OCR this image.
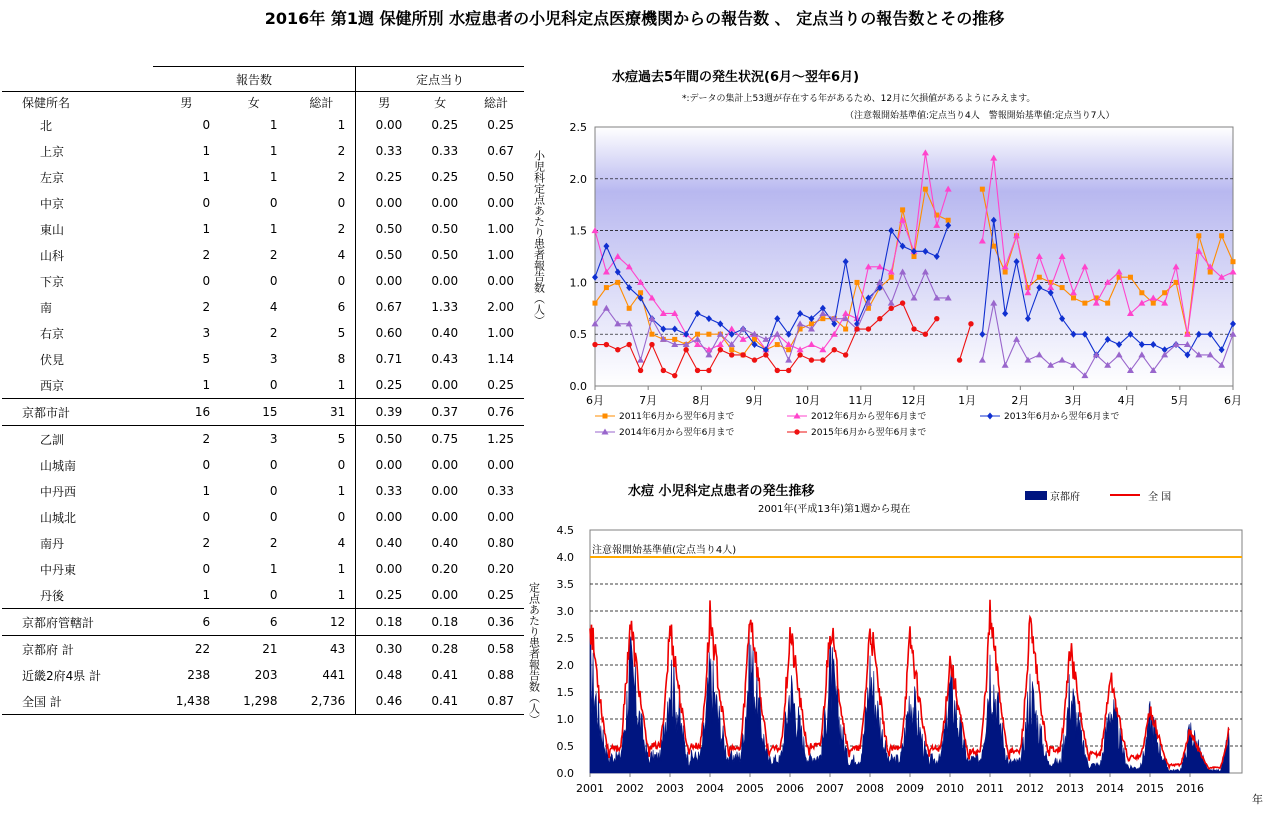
2016年 第1週 保健所別 水痘患者の小児科定点医療機関からの報告数 、 定点当りの報告数とその推移
	報告数			定点当り		
保健所名	男	女	総計	男	女	総計
北	0	1	1	0.00	0.25	0.25
上京	1	1	2	0.33	0.33	0.67
左京	1	1	2	0.25	0.25	0.50
中京	0	0	0	0.00	0.00	0.00
東山	1	1	2	0.50	0.50	1.00
山科	2	2	4	0.50	0.50	1.00
下京	0	0	0	0.00	0.00	0.00
南	2	4	6	0.67	1.33	2.00
右京	3	2	5	0.60	0.40	1.00
伏見	5	3	8	0.71	0.43	1.14
西京	1	0	1	0.25	0.00	0.25
京都市計	16	15	31	0.39	0.37	0.76
乙訓	2	3	5	0.50	0.75	1.25
山城南	0	0	0	0.00	0.00	0.00
中丹西	1	0	1	0.33	0.00	0.33
山城北	0	0	0	0.00	0.00	0.00
南丹	2	2	4	0.40	0.40	0.80
中丹東	0	1	1	0.00	0.20	0.20
丹後	1	0	1	0.25	0.00	0.25
京都府管轄計	6	6	12	0.18	0.18	0.36
京都府 計	22	21	43	0.30	0.28	0.58
近畿2府4県 計	238	203	441	0.48	0.41	0.88
全国 計	1,438	1,298	2,736	0.46	0.41	0.87
水痘過去5年間の発生状況(6月～翌年6月)
*:データの集計上53週が存在する年があるため、12月に欠損値があるようにみえます。
（注意報開始基準値:定点当り4人　警報開始基準値:定点当り7人）
0.0
0.5
1.0
1.5
2.0
2.5
6月	7月	8月	9月	10月	11月	12月	1月	2月	3月	4月	5月	6月
小児科定点あたり患者報告数（人）
2011年6月から翌年6月まで	2012年6月から翌年6月まで	2013年6月から翌年6月まで
2014年6月から翌年6月まで	2015年6月から翌年6月まで
水痘 小児科定点患者の発生推移
2001年(平成13年)第1週から現在
0.0
0.5
1.0
1.5
2.0
2.5
3.0
3.5
4.0
4.5
2001 2002 2003 2004 2005 2006 2007 2008 2009 2010 2011 2012 2013 2014 2015 2016
年
定点あたり患者報告数（人）
注意報開始基準値(定点当り4人)
京都府	全 国
